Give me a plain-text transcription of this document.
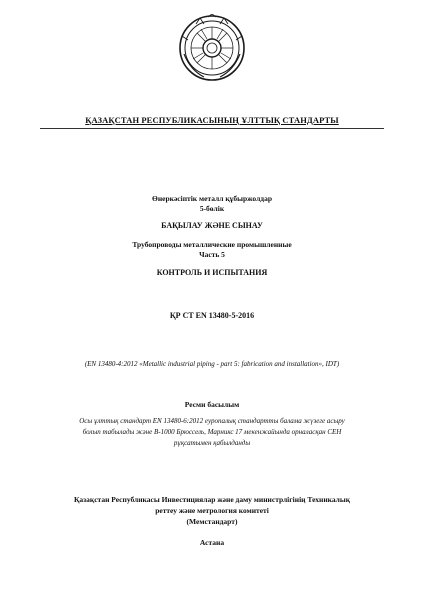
ҚАЗАҚСТАН РЕСПУБЛИКАСЫНЫҢ ҰЛТТЫҚ СТАНДАРТЫ
Өнеркәсіптік металл құбыржолдар
5-бөлік
БАҚЫЛАУ ЖӘНЕ СЫНАУ
Трубопроводы металлические промышленные
Часть 5
КОНТРОЛЬ И ИСПЫТАНИЯ
ҚР СТ EN 13480-5-2016
(EN 13480-4:2012 «Metallic industrial piping - part 5: fabrication and installation», IDT)
Ресми басылым
Осы ұлттық стандарт EN 13480-6:2012 еуропалық стандартты балама жүзеге асыру
болып табылады және B-1000 Брюссель, Марникс 17 мекенжайында орналасқан CEH
рұқсатымен қабылданды
Қазақстан Республикасы Инвестициялар және даму министрлігінің Техникалық
реттеу және метрология комитеті
(Мемстандарт)
Астана
